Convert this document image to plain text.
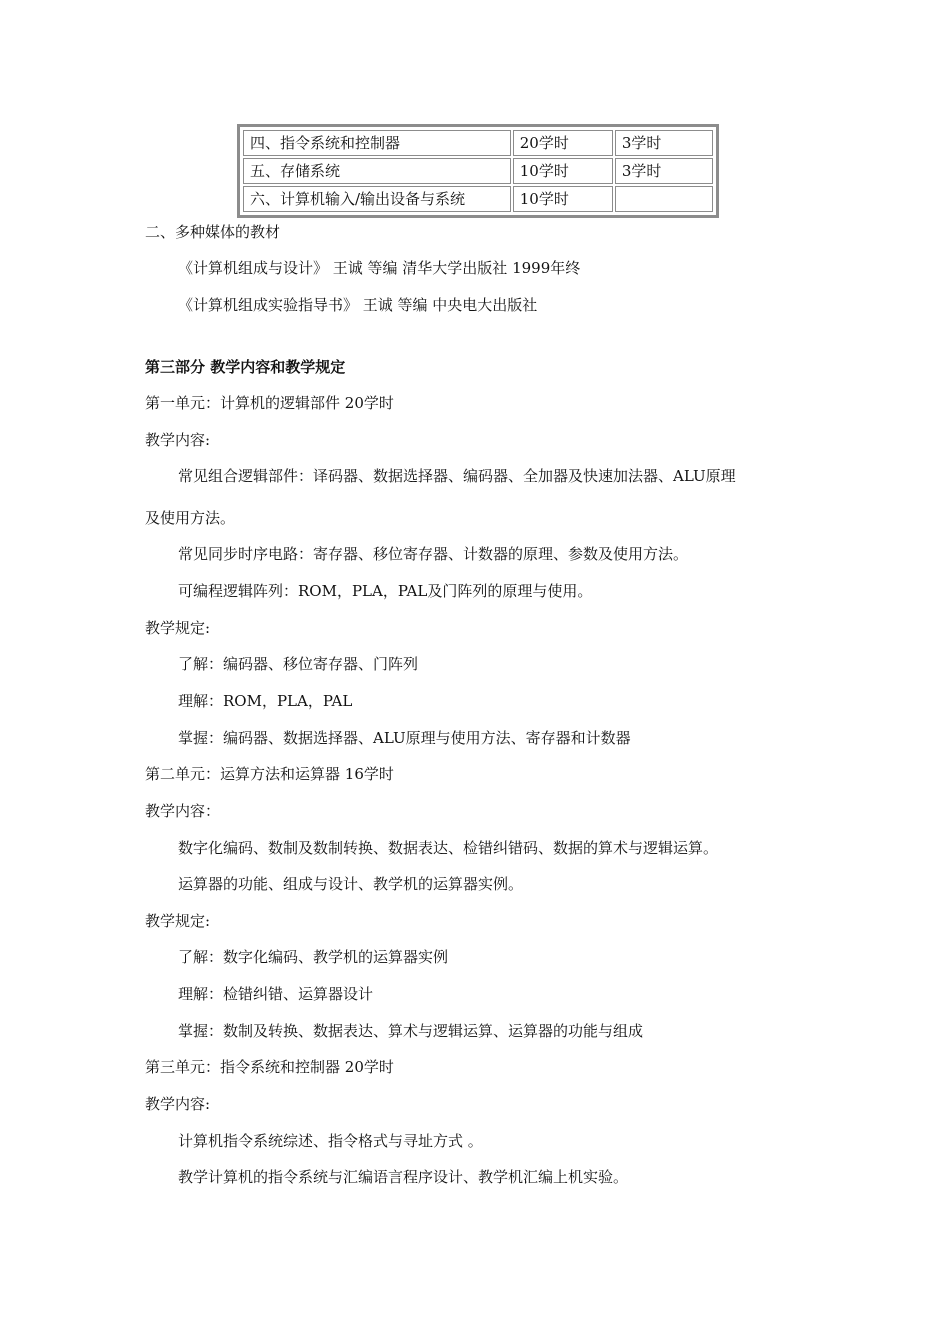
四、指令系统和控制器	20学时	3学时
五、存储系统	10学时	3学时
六、计算机输入/输出设备与系统	10学时	
二、多种媒体的教材
《计算机组成与设计》 王诚 等编 清华大学出版社 1999年终
《计算机组成实验指导书》 王诚 等编 中央电大出版社
第三部分 教学内容和教学规定
第一单元：计算机的逻辑部件 20学时
教学内容:
常见组合逻辑部件：译码器、数据选择器、编码器、全加器及快速加法器、ALU原理
及使用方法。
常见同步时序电路：寄存器、移位寄存器、计数器的原理、参数及使用方法。
可编程逻辑阵列：ROM，PLA，PAL及门阵列的原理与使用。
教学规定:
了解：编码器、移位寄存器、门阵列
理解：ROM，PLA，PAL
掌握：编码器、数据选择器、ALU原理与使用方法、寄存器和计数器
第二单元：运算方法和运算器 16学时
教学内容：
数字化编码、数制及数制转换、数据表达、检错纠错码、数据的算术与逻辑运算。
运算器的功能、组成与设计、教学机的运算器实例。
教学规定:
了解：数字化编码、教学机的运算器实例
理解：检错纠错、运算器设计
掌握：数制及转换、数据表达、算术与逻辑运算、运算器的功能与组成
第三单元：指令系统和控制器 20学时
教学内容:
计算机指令系统综述、指令格式与寻址方式 。
教学计算机的指令系统与汇编语言程序设计、教学机汇编上机实验。
